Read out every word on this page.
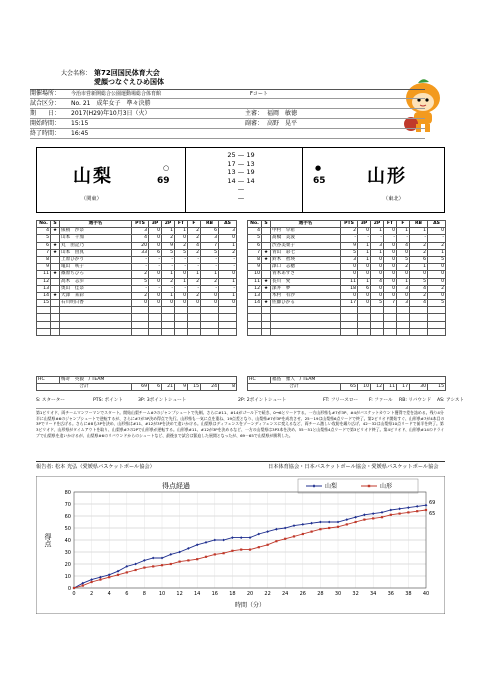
大会名称： 第72回国民体育大会
愛顔つなぐえひめ国体
開催場所： 今治市営新開総合公園運動場総合体育館	Fコート
試合区分： No. 21　成年女子　準々決勝
期　　日： 2017(H29)年10月3日（火）	主審： 福岡　敏徳
開始時間： 15:15	副審： 高野　晃平
終了時間： 16:45
山梨	○
69
（関東）
25 — 19
17 — 13
13 — 19
14 — 14
—
—
●
65 山形
（東北）
No.	S	選手名	PTS	3P	2P	FT	F	RB	AS
4	★	俵積　沙奈	3	0	1	1	2	6	3
5		山本　千加	4	0	2	0	2	3	0
6	★	丸　由記乃	20	0	9	2	4	7	1
7	★	山本　由真	33	6	5	5	2	5	2
8		上原ひかり	-	-	-	-	-	-	-
9		亀山　咲子	-	-	-	-	-	-	-
11	★	篠原ちひろ	2	0	1	0	1	1	0
12		高木　志歩	5	0	2	1	2	2	1
13		奥山　佳奈	-	-	-	-	-	-	-
14	★	大澤　来彩	2	0	1	0	2	0	1
15		石川明日香	0	0	0	0	0	0	0

No.	S	選手名	PTS	3P	2P	FT	F	RB	AS
4		中村　早希	2	0	1	0	1	1	0
5		髙橋　美波	-	-	-	-	-	-	-
6		渋谷美菜子	9	1	3	0	4	2	2
7	★	青山　彩七	5	1	1	0	0	2	1
8	★	鈴木　智瑛	3	1	0	0	5	6	5
9		澤口　志穂	0	0	0	0	2	1	0
10		青木あずさ	0	0	0	0	0	0	0
11	★	長川　愛	11	1	4	0	1	5	0
12	★	深井　夢	18	6	0	0	3	4	2
13		木村　有沙	0	0	0	0	0	2	0
14	★	佐藤ひかる	17	0	5	7	3	4	5

HC	梅嵜　英毅　/ TEAM							
合計		69	6	21	9	15	24	8
HC	福島　雅人　/ TEAM							
合計		65	10	12	11	17	30	15
S: スターター	PTS: ポイント	3P: 3ポイントシュート	2P: 2ポイントシュート	FT: フリースロー F: ファール RB: リバウンド AS: アシスト
第1ピリオド、両チームマンツーマンでスタート。開始山梨チーム#7のジャンプシュートで先制。さらに#11、#14がゴール下で続き、0→6とリードする。一方山形県も#7が3P、#4がバスケットカウント獲得で差を詰める。残り4分半に山梨県#6のジャンプシュートで逆転するが、さらに#7が3P決め得点で先行。山形県も一気に点を重ね、19点差となり、山梨県#7が3Pを成功させ、25－19は山梨県6点リードで終了。第2ピリオド開始すぐ、山形県#7が4本目の3Pでリードを広げる。さらに#8も3Pを決め、山形県は#11、#12が3Pを決めて追いかける。山梨県はディフェンスをゾーンディフェンスに変えるなど、両チーム激しい攻防を繰り広げ、42－32は山梨県10点リードで前半を終了。第3ピリオド、山形県がタイムアウトを取り、山梨県#7の2Pで山形県が逆転する。山形県#11、#12が3Pを決めるなど、一方の山梨県は3P3本を決め、55－51と山梨県4点リードで第3ピリオド終了。第4ピリオド、山形県#14のドライブで山梨県を追いかけるが、山梨県#6のリバウンドからのシュートなど、最後まで試合は緊迫した展開となったが、69－65で山梨県が勝利した。
報告者: 松本 光弘（愛媛県バスケットボール協会）	日本体育協会・日本バスケットボール協会・愛媛県バスケットボール協会
0
10
20
30
40
50
60
70
80
0	2	4	6	8	10 12 14 16 18 20 22 24 26 28 30 32 34 36 38 40
得点経過
時間（分）
得点
69
山梨
65
山形
